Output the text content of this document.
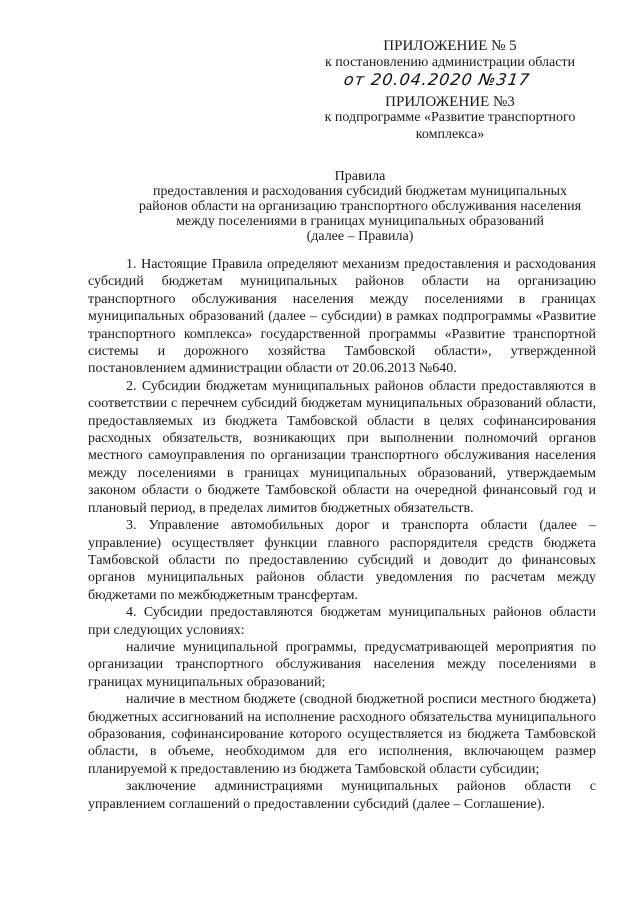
ПРИЛОЖЕНИЕ № 5
к постановлению администрации области
от 20.04.2020 №317
ПРИЛОЖЕНИЕ №3
к подпрограмме «Развитие транспортного
комплекса»
Правила
предоставления и расходования субсидий бюджетам муниципальных
районов области на организацию транспортного обслуживания населения
между поселениями в границах муниципальных образований
(далее – Правила)

1. Настоящие Правила определяют механизм предоставления и расходования субсидий бюджетам муниципальных районов области на организацию транспортного обслуживания населения между поселениями в границах муниципальных образований (далее – субсидии) в рамках подпрограммы «Развитие транспортного комплекса» государственной программы «Развитие транспортной системы и дорожного хозяйства Тамбовской области», утвержденной постановлением администрации области от 20.06.2013 №640.

2. Субсидии бюджетам муниципальных районов области предоставляются в соответствии с перечнем субсидий бюджетам муниципальных образований области, предоставляемых из бюджета Тамбовской области в целях софинансирования расходных обязательств, возникающих при выполнении полномочий органов местного самоуправления по организации транспортного обслуживания населения между поселениями в границах муниципальных образований, утверждаемым законом области о бюджете Тамбовской области на очередной финансовый год и плановый период, в пределах лимитов бюджетных обязательств.

3. Управление автомобильных дорог и транспорта области (далее – управление) осуществляет функции главного распорядителя средств бюджета Тамбовской области по предоставлению субсидий и доводит до финансовых органов муниципальных районов области уведомления по расчетам между бюджетами по межбюджетным трансфертам.

4. Субсидии предоставляются бюджетам муниципальных районов области при следующих условиях:

наличие муниципальной программы, предусматривающей мероприятия по организации транспортного обслуживания населения между поселениями в границах муниципальных образований;

наличие в местном бюджете (сводной бюджетной росписи местного бюджета) бюджетных ассигнований на исполнение расходного обязательства муниципального образования, софинансирование которого осуществляется из бюджета Тамбовской области, в объеме, необходимом для его исполнения, включающем размер планируемой к предоставлению из бюджета Тамбовской области субсидии;

заключение администрациями муниципальных районов области с управлением соглашений о предоставлении субсидий (далее – Соглашение).
